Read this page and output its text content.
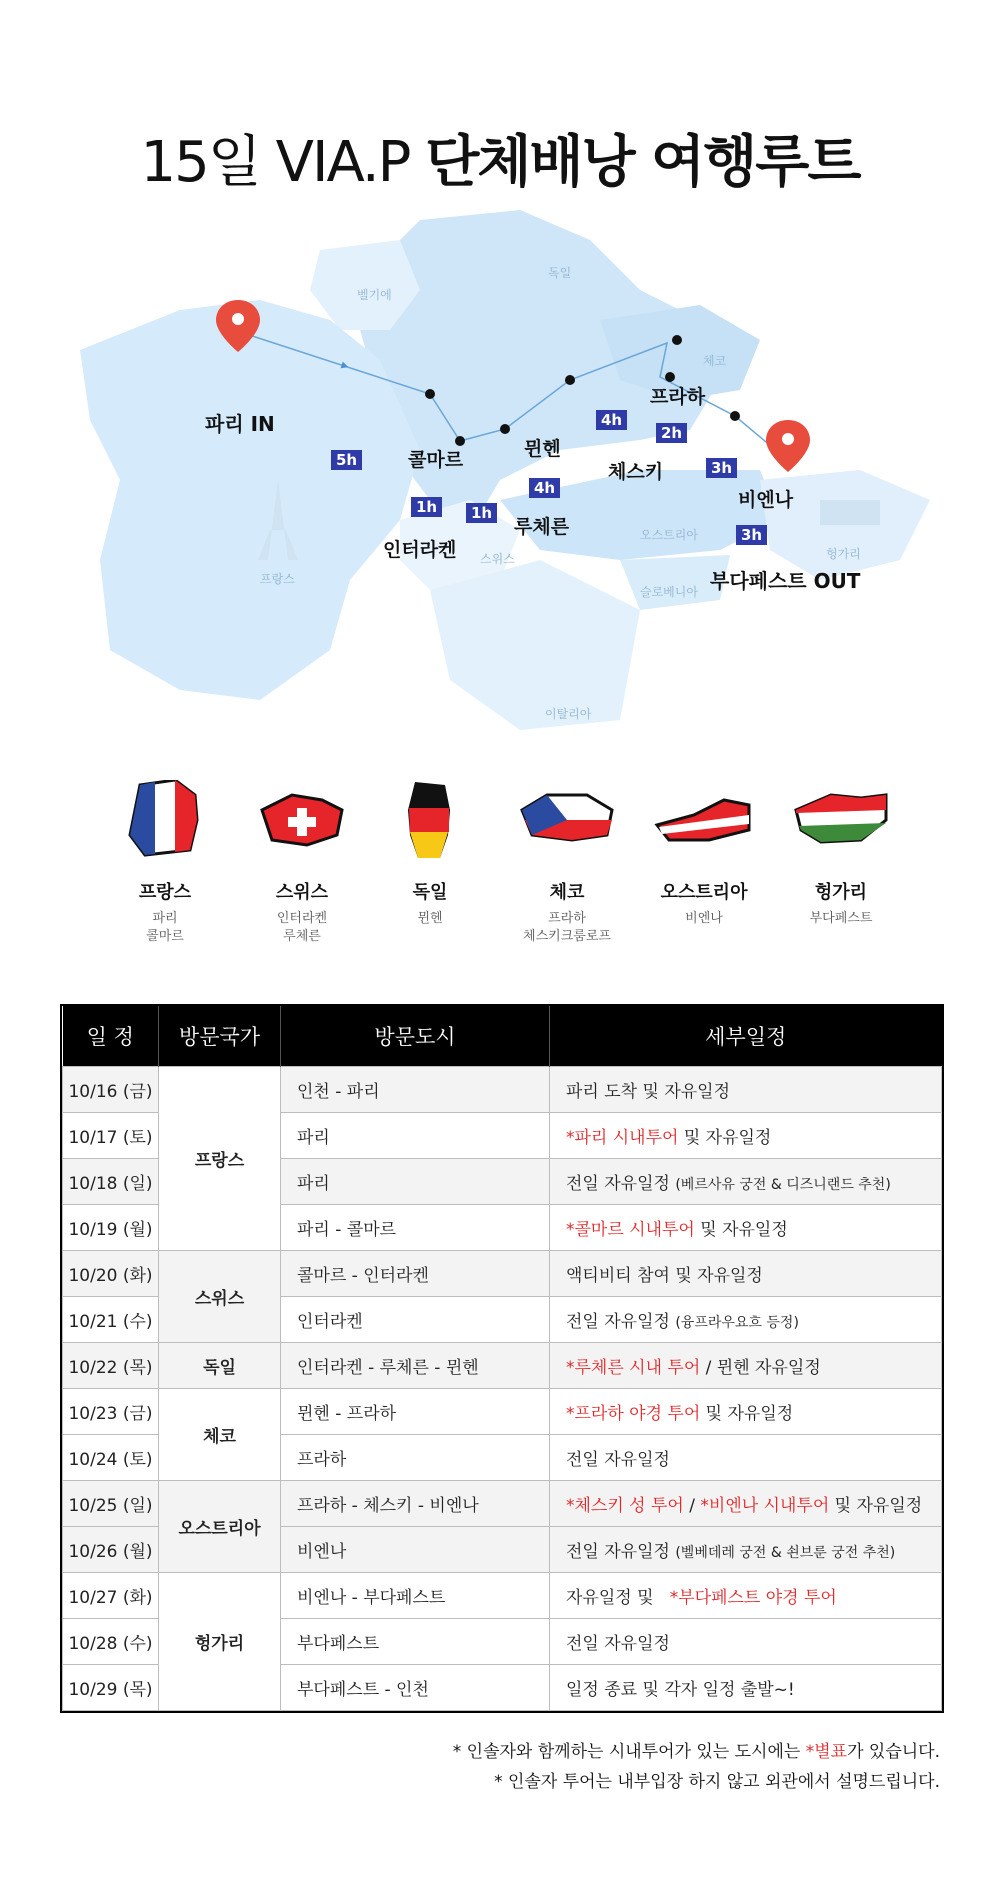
15일 VIA.P 단체배낭 여행루트
벨기에
독일
체코
스위스
오스트리아
헝가리
슬로베니아
프랑스
이탈리아
파리 IN
콜마르
인터라켄
루체른
뮌헨
프라하
체스키
비엔나
부다페스트 OUT
5h
1h	1h
4h
4h
2h
3h
3h
프랑스
파리
콜마르
스위스
인터라켄
루체른
독일
뮌헨
체코
프라하
체스키크룸로프
오스트리아
비엔나
헝가리
부다페스트
일 정	방문국가	방문도시	세부일정
10/16 (금)	프랑스	인천 - 파리	파리 도착 및 자유일정
10/17 (토)		파리	*파리 시내투어 및 자유일정
10/18 (일)		파리	전일 자유일정 (베르사유 궁전 & 디즈니랜드 추천)
10/19 (월)		파리 - 콜마르	*콜마르 시내투어 및 자유일정
10/20 (화)	스위스	콜마르 - 인터라켄	액티비티 참여 및 자유일정
10/21 (수)		인터라켄	전일 자유일정 (융프라우요흐 등정)
10/22 (목)	독일	인터라켄 - 루체른 - 뮌헨	*루체른 시내 투어 / 뮌헨 자유일정
10/23 (금)	체코	뮌헨 - 프라하	*프라하 야경 투어 및 자유일정
10/24 (토)		프라하	전일 자유일정
10/25 (일)	오스트리아	프라하 - 체스키 - 비엔나	*체스키 성 투어 / *비엔나 시내투어 및 자유일정
10/26 (월)		비엔나	전일 자유일정 (벨베데레 궁전 & 쇤브룬 궁전 추천)
10/27 (화)	헝가리	비엔나 - 부다페스트	자유일정 및   *부다페스트 야경 투어
10/28 (수)		부다페스트	전일 자유일정
10/29 (목)		부다페스트 - 인천	일정 종료 및 각자 일정 출발~!
* 인솔자와 함께하는 시내투어가 있는 도시에는 *별표가 있습니다.
* 인솔자 투어는 내부입장 하지 않고 외관에서 설명드립니다.
